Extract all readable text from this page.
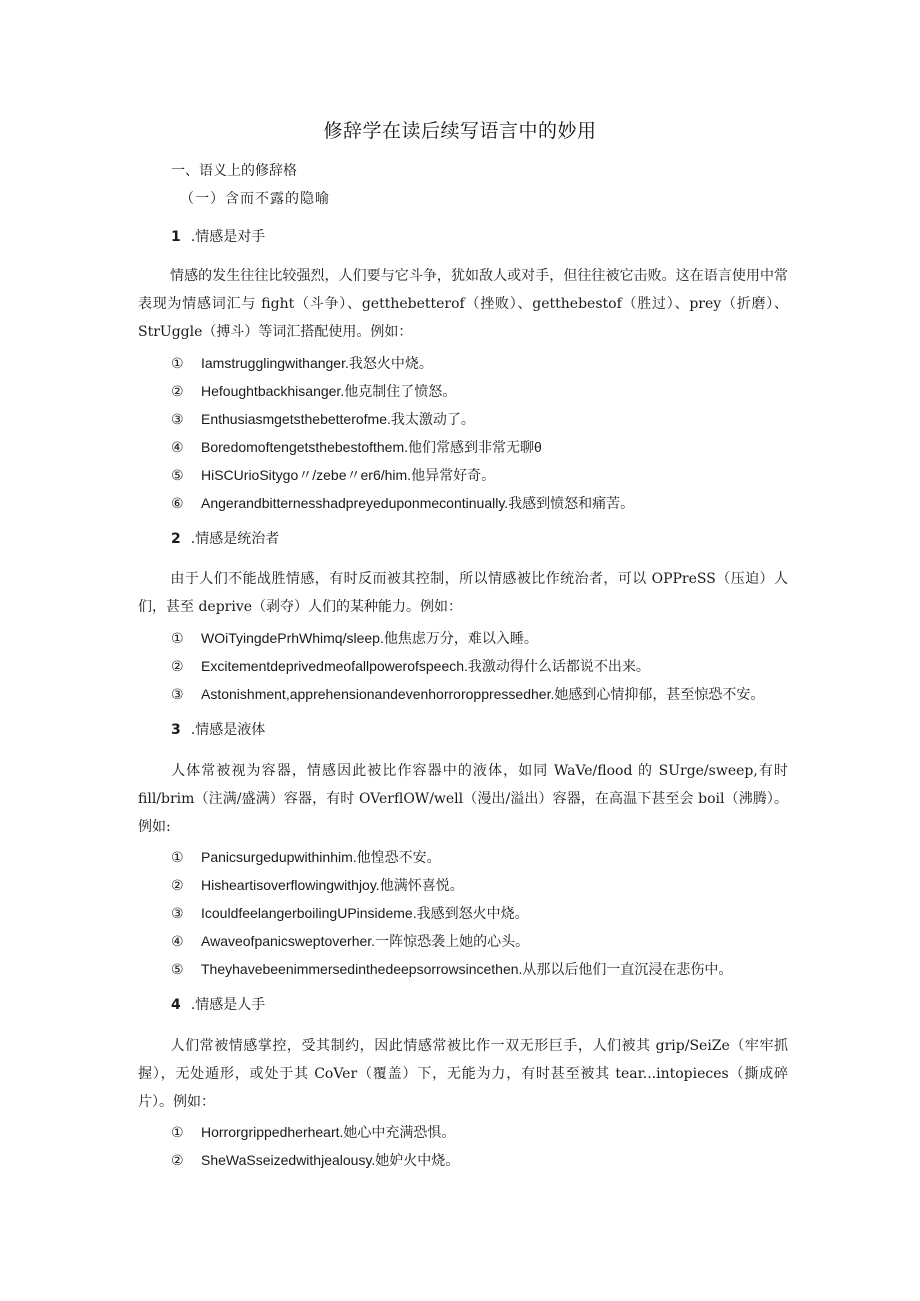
修辞学在读后续写语言中的妙用
一、语义上的修辞格
（一）含而不露的隐喻
1 .情感是对手
情感的发生往往比较强烈，人们要与它斗争，犹如敌人或对手，但往往被它击败。这在语言使用中常表现为情感词汇与 fight（斗争）、getthebetterof（挫败）、getthebestof（胜过）、prey（折磨）、StrUggle（搏斗）等词汇搭配使用。例如：
① Iamstrugglingwithanger.我怒火中烧。
② Hefoughtbackhisanger.他克制住了愤怒。
③ Enthusiasmgetsthebetterofme.我太激动了。
④ Boredomoftengetsthebestofthem.他们常感到非常无聊θ
⑤ HiSCUrioSitygo〃/zebe〃er6/him.他异常好奇。
⑥ Angerandbitternesshadpreyeduponmecontinually.我感到愤怒和痛苦。
2 .情感是统治者
由于人们不能战胜情感，有时反而被其控制，所以情感被比作统治者，可以 OPPreSS（压迫）人们，甚至 deprive（剥夺）人们的某种能力。例如：
① WOiTyingdePrhWhimq/sleep.他焦虑万分，难以入睡。
② Excitementdeprivedmeofallpowerofspeech.我激动得什么话都说不出来。
③ Astonishment,apprehensionandevenhorroroppressedher.她感到心情抑郁，甚至惊恐不安。
3 .情感是液体
人体常被视为容器，情感因此被比作容器中的液体，如同 WaVe/flood 的 SUrge/sweep,有时 fill/brim（注满/盛满）容器，有时 OVerflOW/well（漫出/溢出）容器，在高温下甚至会 boil（沸腾）。例如:
① Panicsurgedupwithinhim.他惶恐不安。
② Hisheartisoverflowingwithjoy.他满怀喜悦。
③ IcouldfeelangerboilingUPinsideme.我感到怒火中烧。
④ Awaveofpanicsweptoverher.一阵惊恐袭上她的心头。
⑤ Theyhavebeenimmersedinthedeepsorrowsincethen.从那以后他们一直沉浸在悲伤中。
4 .情感是人手
人们常被情感掌控，受其制约，因此情感常被比作一双无形巨手，人们被其 grip/SeiZe（牢牢抓握），无处遁形，或处于其 CoVer（覆盖）下，无能为力，有时甚至被其 tear...intopieces（撕成碎片）。例如：
① Horrorgrippedherheart.她心中充满恐惧。
② SheWaSseizedwithjealousy.她妒火中烧。
